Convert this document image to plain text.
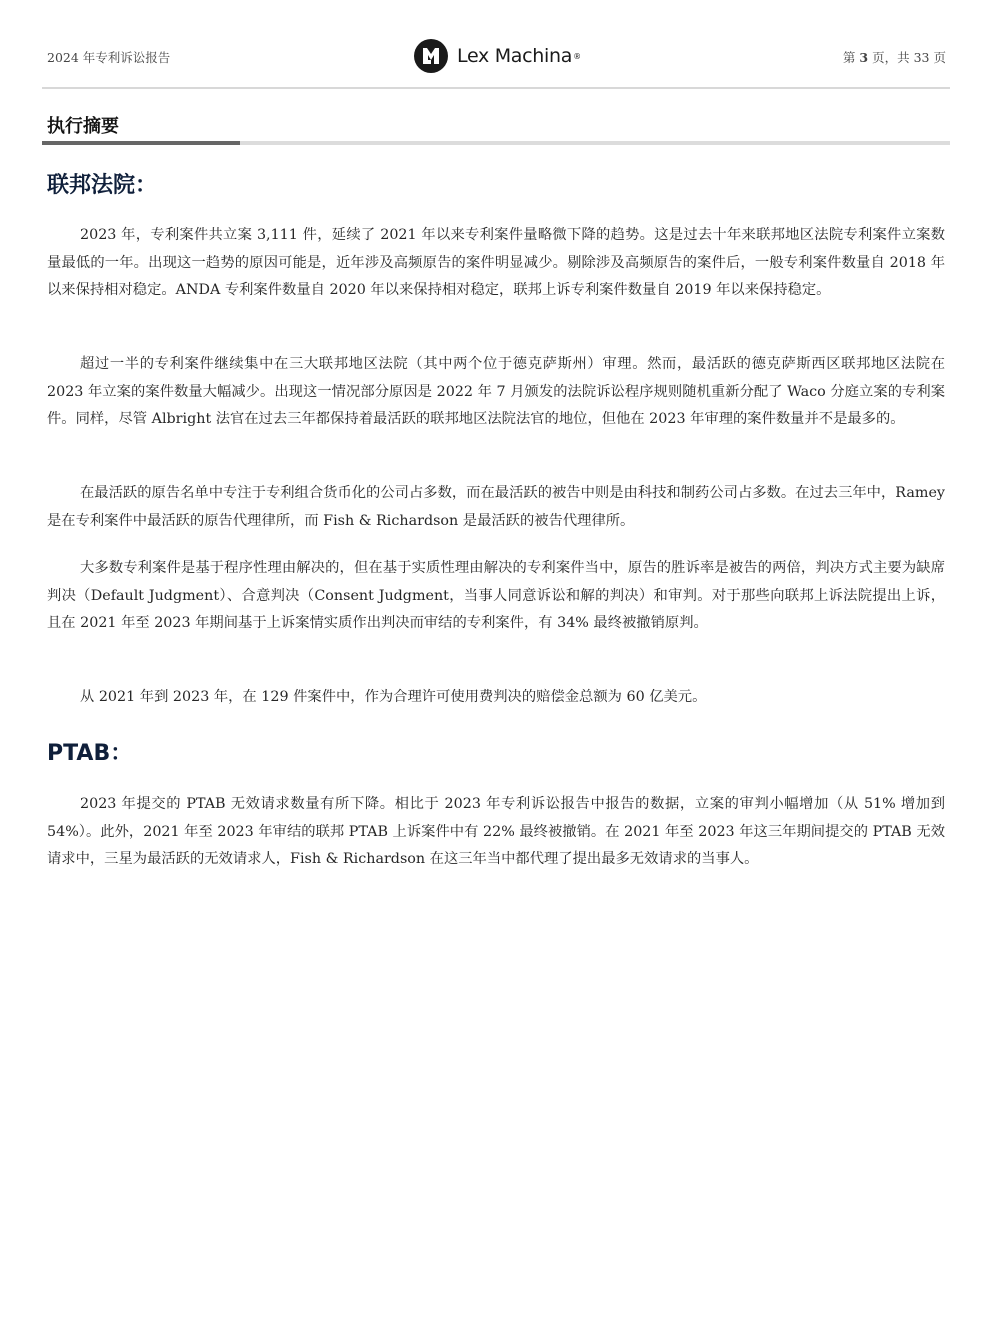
2024 年专利诉讼报告	Lex Machina ®	第 3 页，共 33 页
执行摘要
联邦法院：

2023 年，专利案件共立案 3,111 件，延续了 2021 年以来专利案件量略微下降的趋势。这是过去十年来联邦地区法院专利案件立案数量最低的一年。出现这一趋势的原因可能是，近年涉及高频原告的案件明显减少。剔除涉及高频原告的案件后，一般专利案件数量自 2018 年以来保持相对稳定。ANDA 专利案件数量自 2020 年以来保持相对稳定，联邦上诉专利案件数量自 2019 年以来保持稳定。

超过一半的专利案件继续集中在三大联邦地区法院（其中两个位于德克萨斯州）审理。然而，最活跃的德克萨斯西区联邦地区法院在 2023 年立案的案件数量大幅减少。出现这一情况部分原因是 2022 年 7 月颁发的法院诉讼程序规则随机重新分配了 Waco 分庭立案的专利案件。同样，尽管 Albright 法官在过去三年都保持着最活跃的联邦地区法院法官的地位，但他在 2023 年审理的案件数量并不是最多的。

在最活跃的原告名单中专注于专利组合货币化的公司占多数，而在最活跃的被告中则是由科技和制药公司占多数。在过去三年中，Ramey 是在专利案件中最活跃的原告代理律所，而 Fish & Richardson 是最活跃的被告代理律所。

大多数专利案件是基于程序性理由解决的，但在基于实质性理由解决的专利案件当中，原告的胜诉率是被告的两倍，判决方式主要为缺席判决（Default Judgment）、合意判决（Consent Judgment，当事人同意诉讼和解的判决）和审判。对于那些向联邦上诉法院提出上诉，且在 2021 年至 2023 年期间基于上诉案情实质作出判决而审结的专利案件，有 34% 最终被撤销原判。

从 2021 年到 2023 年，在 129 件案件中，作为合理许可使用费判决的赔偿金总额为 60 亿美元。

PTAB：

2023 年提交的 PTAB 无效请求数量有所下降。相比于 2023 年专利诉讼报告中报告的数据，立案的审判小幅增加（从 51% 增加到 54%）。此外，2021 年至 2023 年审结的联邦 PTAB 上诉案件中有 22% 最终被撤销。在 2021 年至 2023 年这三年期间提交的 PTAB 无效请求中，三星为最活跃的无效请求人，Fish & Richardson 在这三年当中都代理了提出最多无效请求的当事人。
